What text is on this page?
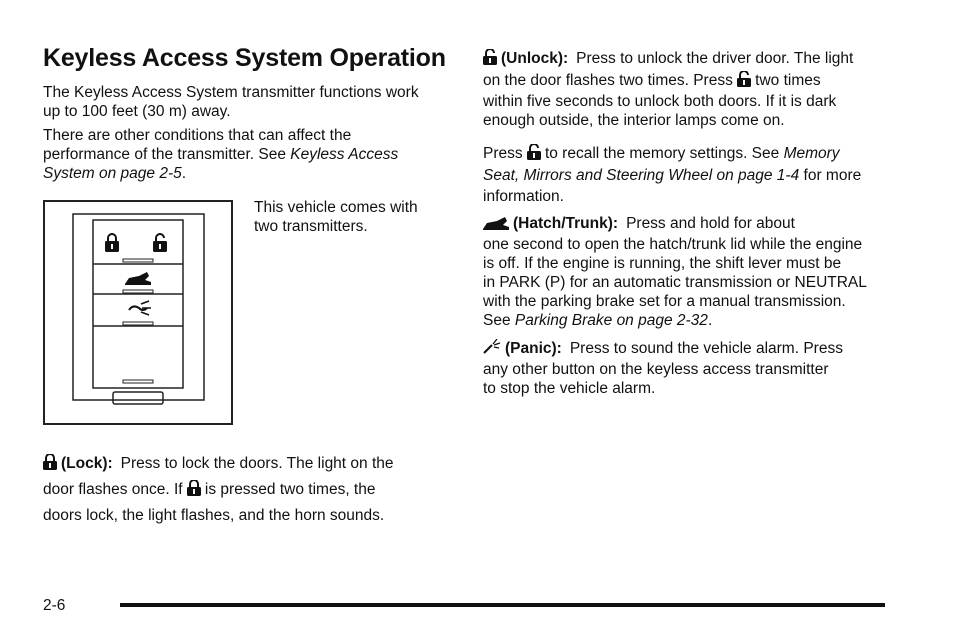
Keyless Access System Operation

The Keyless Access System transmitter functions work up to 100 feet (30 m) away.

There are other conditions that can affect the performance of the transmitter. See Keyless Access System on page 2-5.

This vehicle comes with
two transmitters.

(Lock): Press to lock the doors. The light on the
door flashes once. If is pressed two times, the
doors lock, the light flashes, and the horn sounds.
(Unlock): Press to unlock the driver door. The light
on the door flashes two times. Press two times
within five seconds to unlock both doors. If it is dark
enough outside, the interior lamps come on.
Press to recall the memory settings. See Memory
Seat, Mirrors and Steering Wheel on page 1-4 for more
information.
(Hatch/Trunk): Press and hold for about
one second to open the hatch/trunk lid while the engine
is off. If the engine is running, the shift lever must be
in PARK (P) for an automatic transmission or NEUTRAL
with the parking brake set for a manual transmission.
See Parking Brake on page 2-32.
(Panic): Press to sound the vehicle alarm. Press
any other button on the keyless access transmitter
to stop the vehicle alarm.
2-6
